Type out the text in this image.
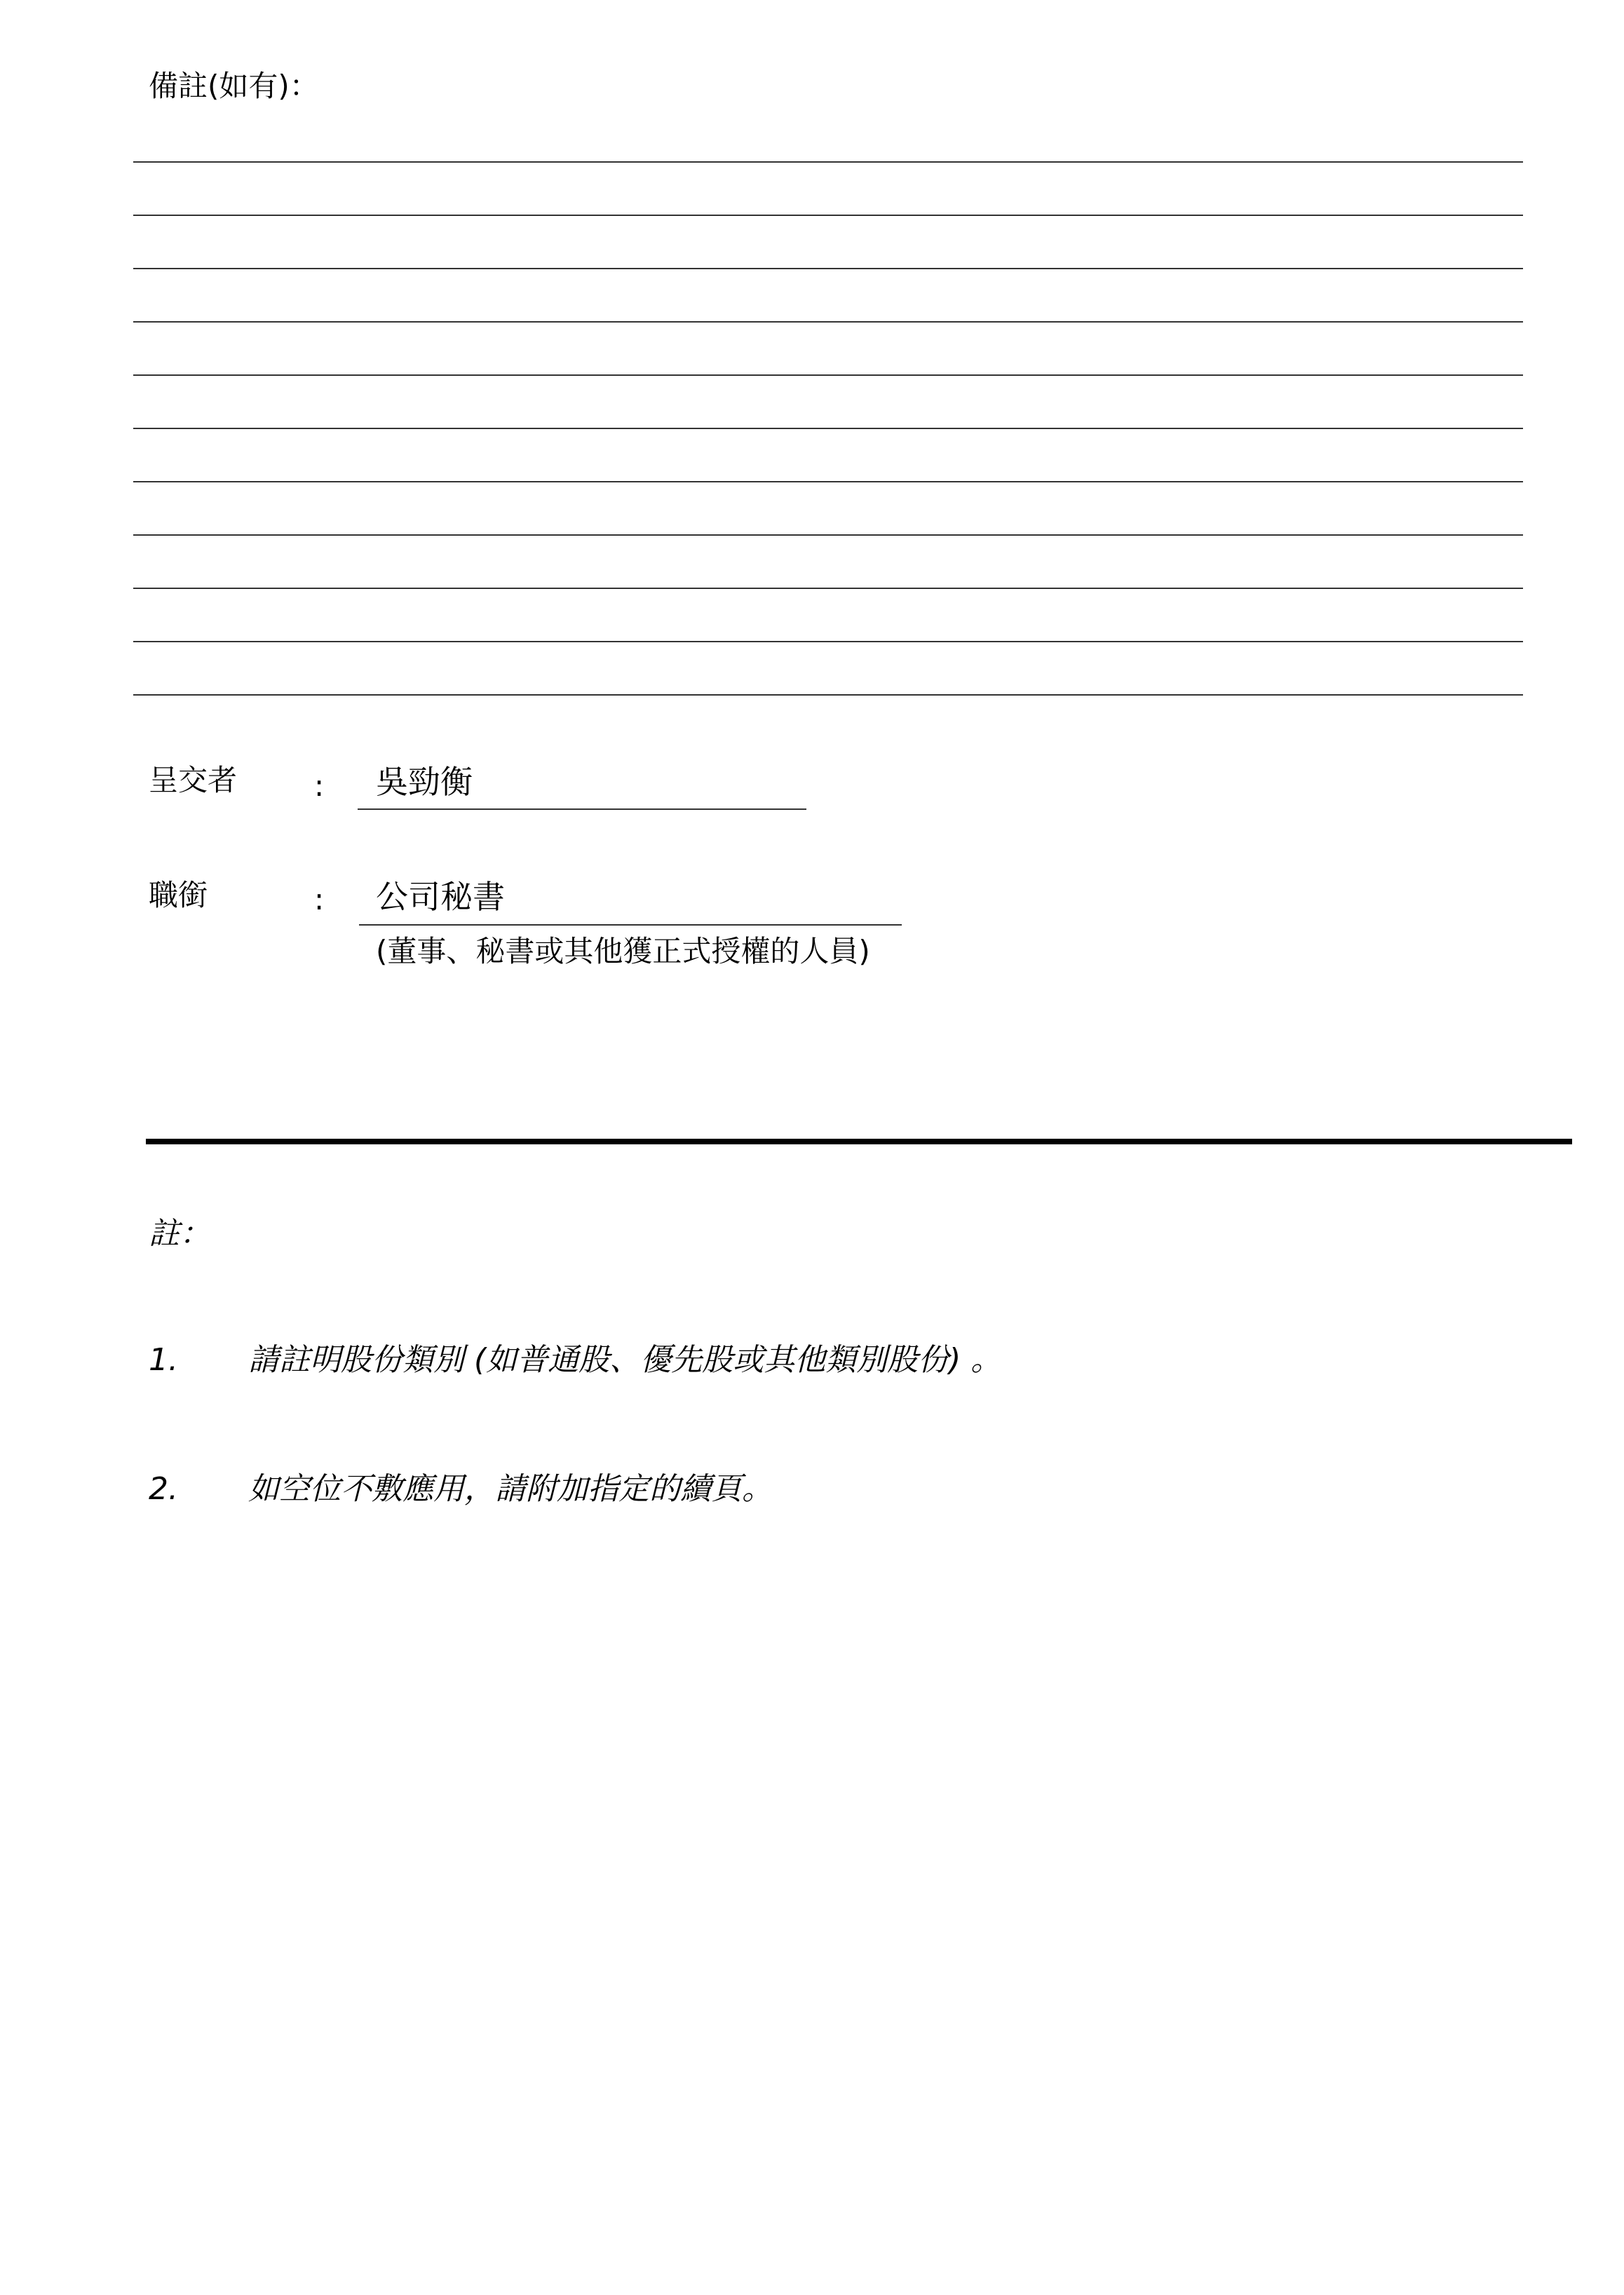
備註(如有)：
呈交者	: 吳勁衡
職銜	: 公司秘書
(董事、秘書或其他獲正式授權的人員)
註：
1. 請註明股份類別 (如普通股、優先股或其他類別股份) 。
2. 如空位不敷應用，請附加指定的續頁。
